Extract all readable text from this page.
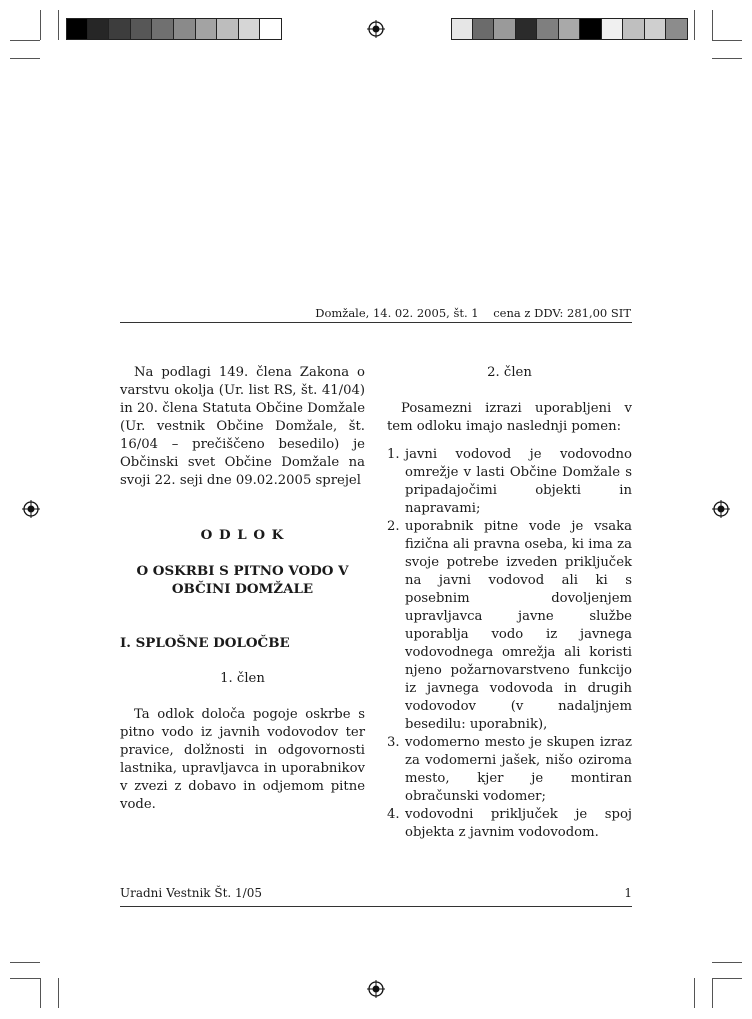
Domžale, 14. 02. 2005, št. 1    cena z DDV: 281,00 SIT

Na podlagi 149. člena Zakona o varstvu okolja (Ur. list RS, št. 41/04) in 20. člena Statuta Občine Domžale (Ur. vestnik Občine Domžale, št. 16/04 – prečiščeno besedilo) je Občinski svet Občine Domžale na svoji 22. seji dne 09.02.2005 sprejel

O D L O K
O OSKRBI S PITNO VODO V
OBČINI DOMŽALE
I. SPLOŠNE DOLOČBE
1. člen

Ta odlok določa pogoje oskrbe s pitno vodo iz javnih vodovodov ter pravice, dolžnosti in odgovornosti lastnika, upravljavca in uporabnikov v zvezi z dobavo in odjemom pitne vode.

2. člen

Posamezni izrazi uporabljeni v tem odloku imajo naslednji pomen:

1. javni vodovod je vodovodno omrežje v lasti Občine Domžale s pripadajočimi objekti in napravami;
2. uporabnik pitne vode je vsaka fizična ali pravna oseba, ki ima za svoje potrebe izveden priključek na javni vodovod ali ki s posebnim dovoljenjem upravljavca javne službe uporablja vodo iz javnega vodovodnega omrežja ali koristi njeno požarnovarstveno funkcijo iz javnega vodovoda in drugih vodovodov (v nadaljnjem besedilu: uporabnik),
3. vodomerno mesto je skupen izraz za vodomerni jašek, nišo oziroma mesto, kjer je montiran obračunski vodomer;
4. vodovodni priključek je spoj objekta z javnim vodovodom.
Uradni Vestnik Št. 1/05	1
